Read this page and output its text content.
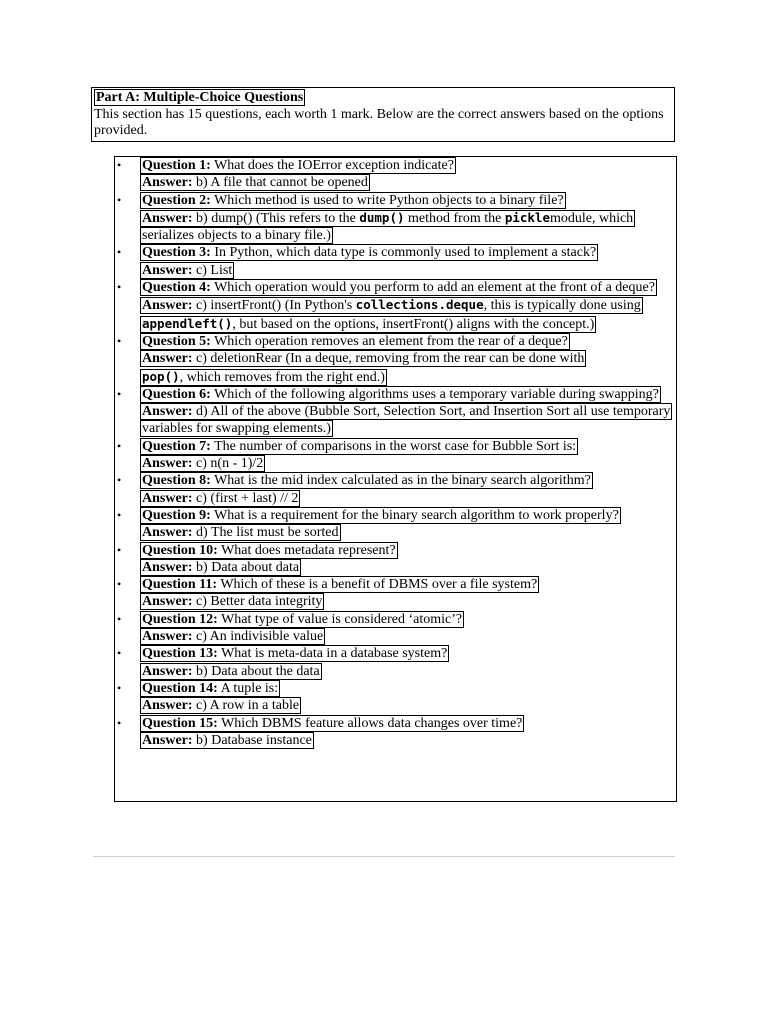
Part A: Multiple-Choice Questions
This section has 15 questions, each worth 1 mark. Below are the correct answers based on the options provided.
• Question 1: What does the IOError exception indicate?
Answer: b) A file that cannot be opened
• Question 2: Which method is used to write Python objects to a binary file?
Answer: b) dump() (This refers to the dump() method from the picklemodule, which serializes objects to a binary file.)
• Question 3: In Python, which data type is commonly used to implement a stack?
Answer: c) List
• Question 4: Which operation would you perform to add an element at the front of a deque?
Answer: c) insertFront() (In Python's collections.deque, this is typically done using appendleft(), but based on the options, insertFront() aligns with the concept.)
• Question 5: Which operation removes an element from the rear of a deque?
Answer: c) deletionRear (In a deque, removing from the rear can be done with pop(), which removes from the right end.)
• Question 6: Which of the following algorithms uses a temporary variable during swapping?
Answer: d) All of the above (Bubble Sort, Selection Sort, and Insertion Sort all use temporary variables for swapping elements.)
• Question 7: The number of comparisons in the worst case for Bubble Sort is:
Answer: c) n(n - 1)/2
• Question 8: What is the mid index calculated as in the binary search algorithm?
Answer: c) (first + last) // 2
• Question 9: What is a requirement for the binary search algorithm to work properly?
Answer: d) The list must be sorted
• Question 10: What does metadata represent?
Answer: b) Data about data
• Question 11: Which of these is a benefit of DBMS over a file system?
Answer: c) Better data integrity
• Question 12: What type of value is considered ‘atomic’?
Answer: c) An indivisible value
• Question 13: What is meta-data in a database system?
Answer: b) Data about the data
• Question 14: A tuple is:
Answer: c) A row in a table
• Question 15: Which DBMS feature allows data changes over time?
Answer: b) Database instance
